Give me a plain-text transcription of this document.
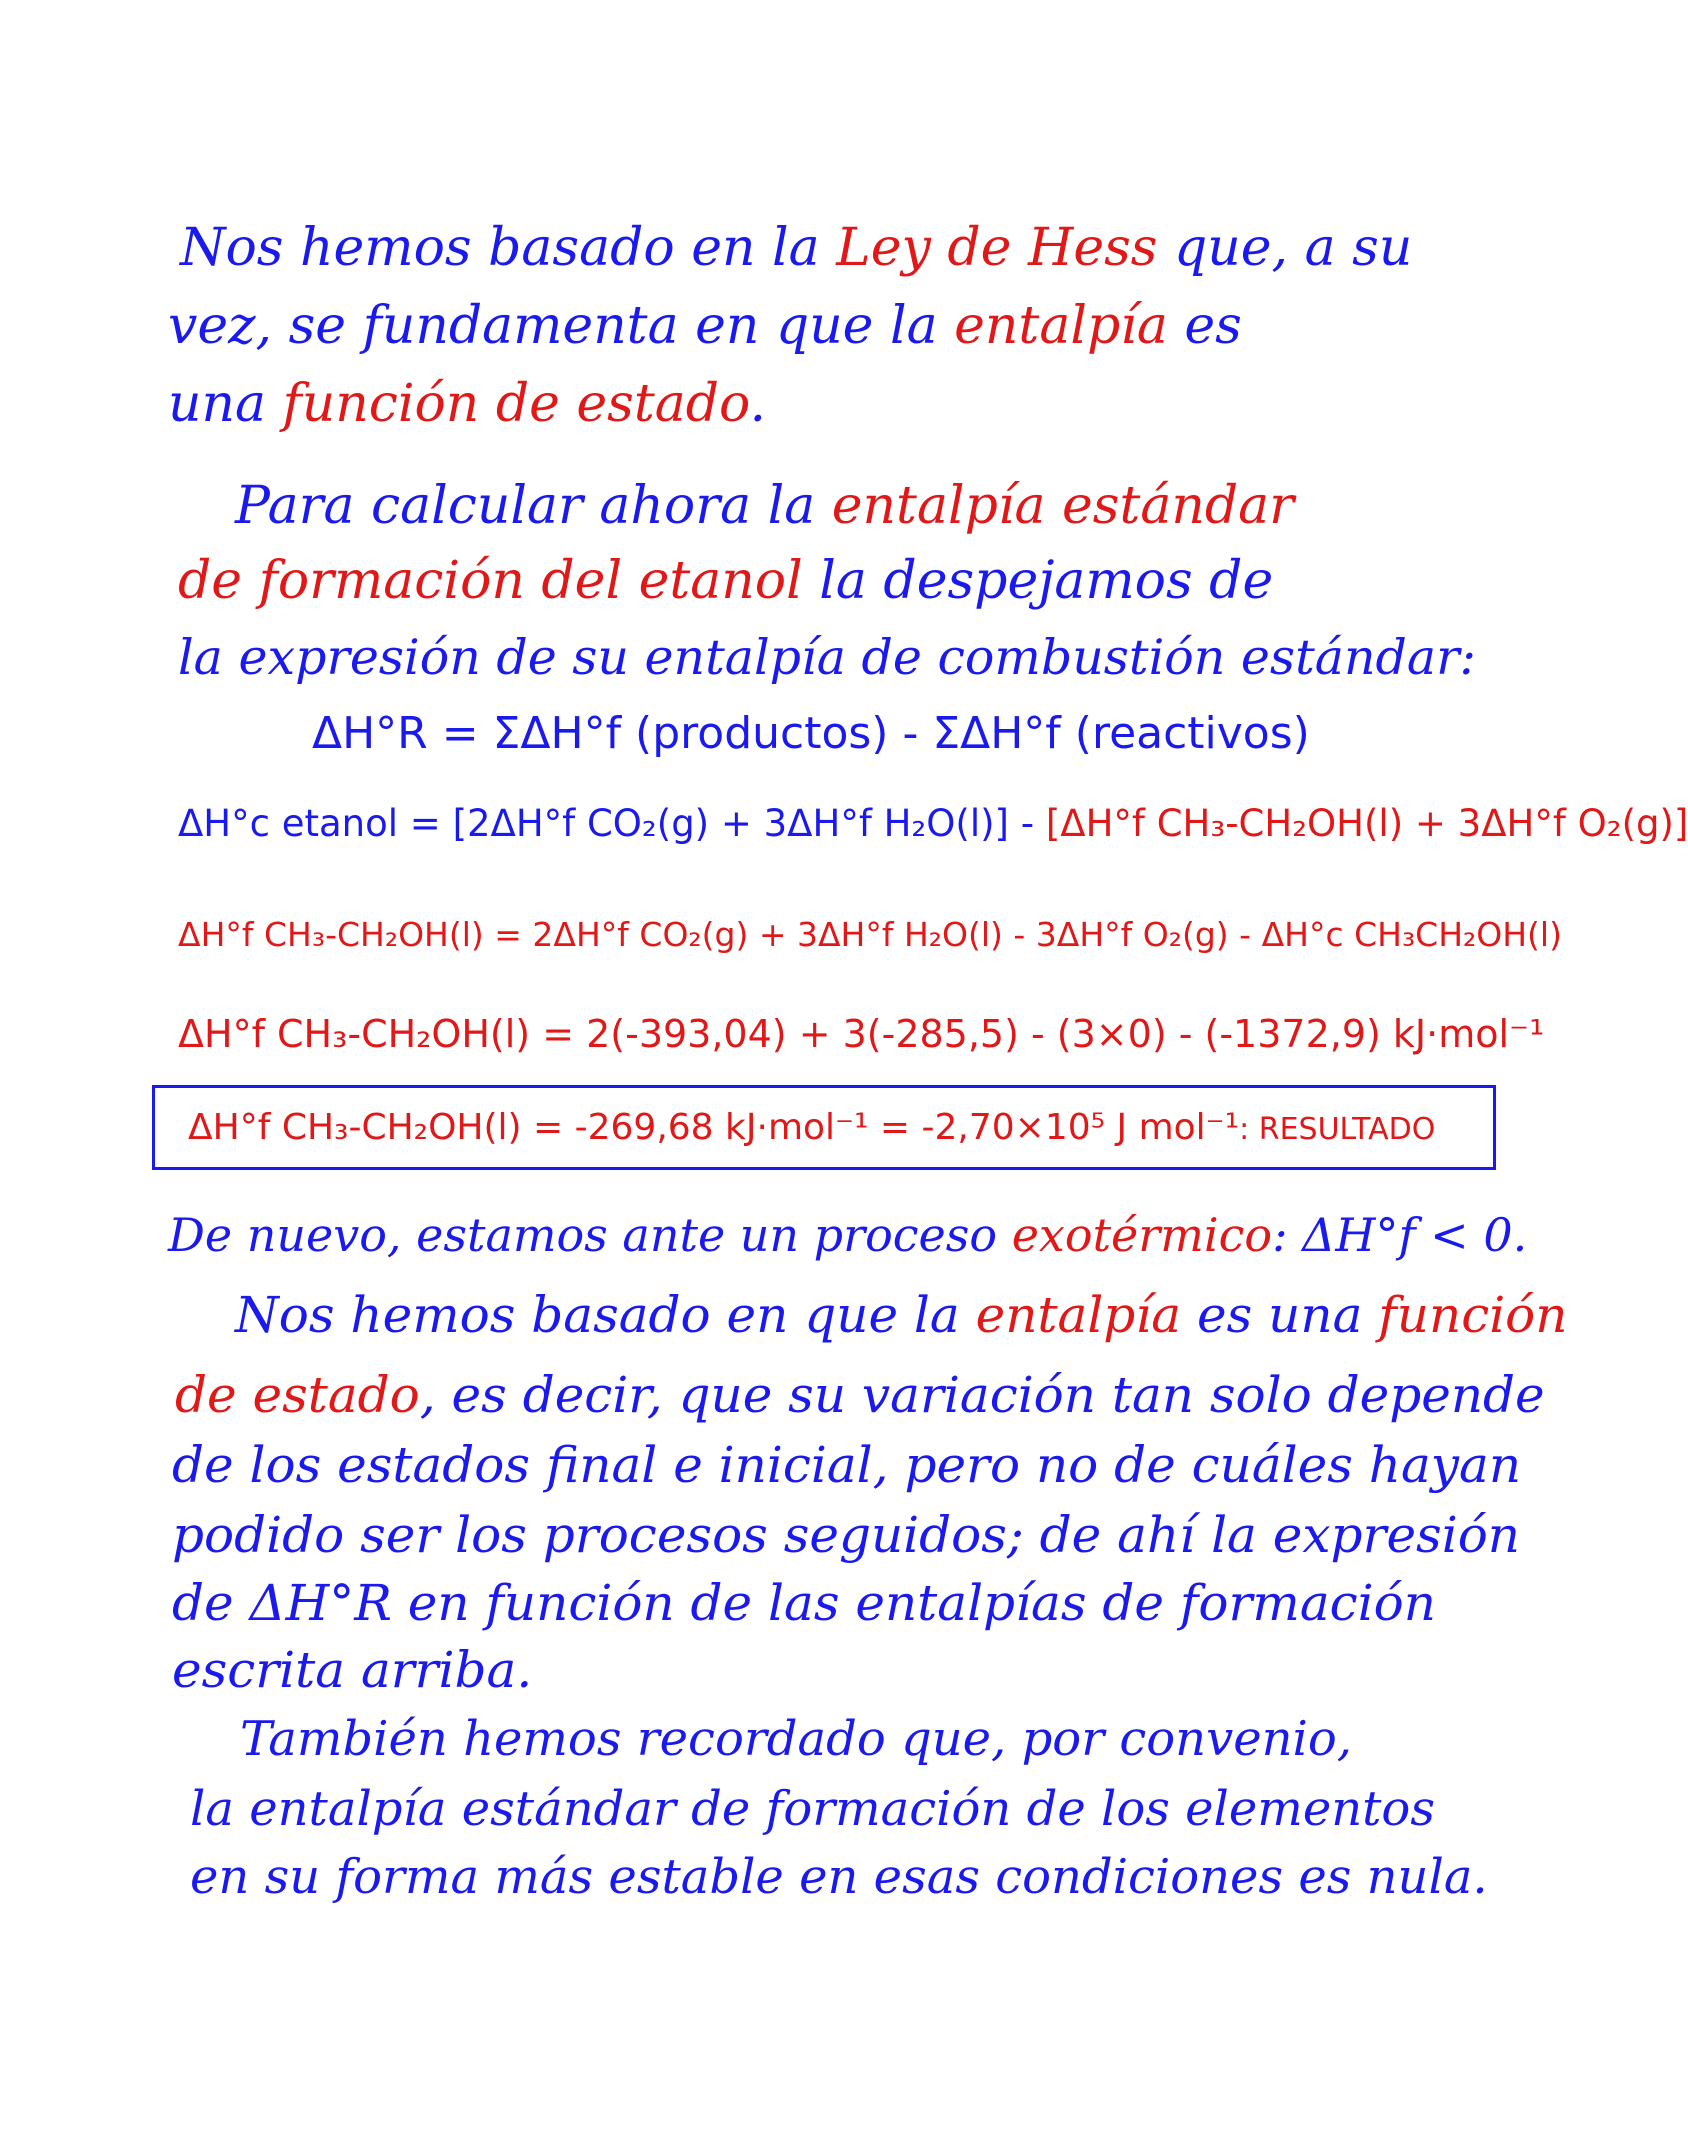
Nos hemos basado en la Ley de Hess que, a su
vez, se fundamenta en que la entalpía es
una función de estado.
Para calcular ahora la entalpía estándar
de formación del etanol la despejamos de
la expresión de su entalpía de combustión estándar:
ΔH°R = ΣΔH°f (productos) - ΣΔH°f (reactivos)
ΔH°c etanol = [2ΔH°f CO₂(g) + 3ΔH°f H₂O(l)] - [ΔH°f CH₃-CH₂OH(l) + 3ΔH°f O₂(g)]
ΔH°f CH₃-CH₂OH(l) = 2ΔH°f CO₂(g) + 3ΔH°f H₂O(l) - 3ΔH°f O₂(g) - ΔH°c CH₃CH₂OH(l)
ΔH°f CH₃-CH₂OH(l) = 2(-393,04) + 3(-285,5) - (3×0) - (-1372,9) kJ·mol⁻¹
ΔH°f CH₃-CH₂OH(l) = -269,68 kJ·mol⁻¹ = -2,70×10⁵ J mol⁻¹: RESULTADO
De nuevo, estamos ante un proceso exotérmico: ΔH°f < 0.
Nos hemos basado en que la entalpía es una función
de estado, es decir, que su variación tan solo depende
de los estados final e inicial, pero no de cuáles hayan
podido ser los procesos seguidos; de ahí la expresión
de ΔH°R en función de las entalpías de formación
escrita arriba.
También hemos recordado que, por convenio,
la entalpía estándar de formación de los elementos
en su forma más estable en esas condiciones es nula.
